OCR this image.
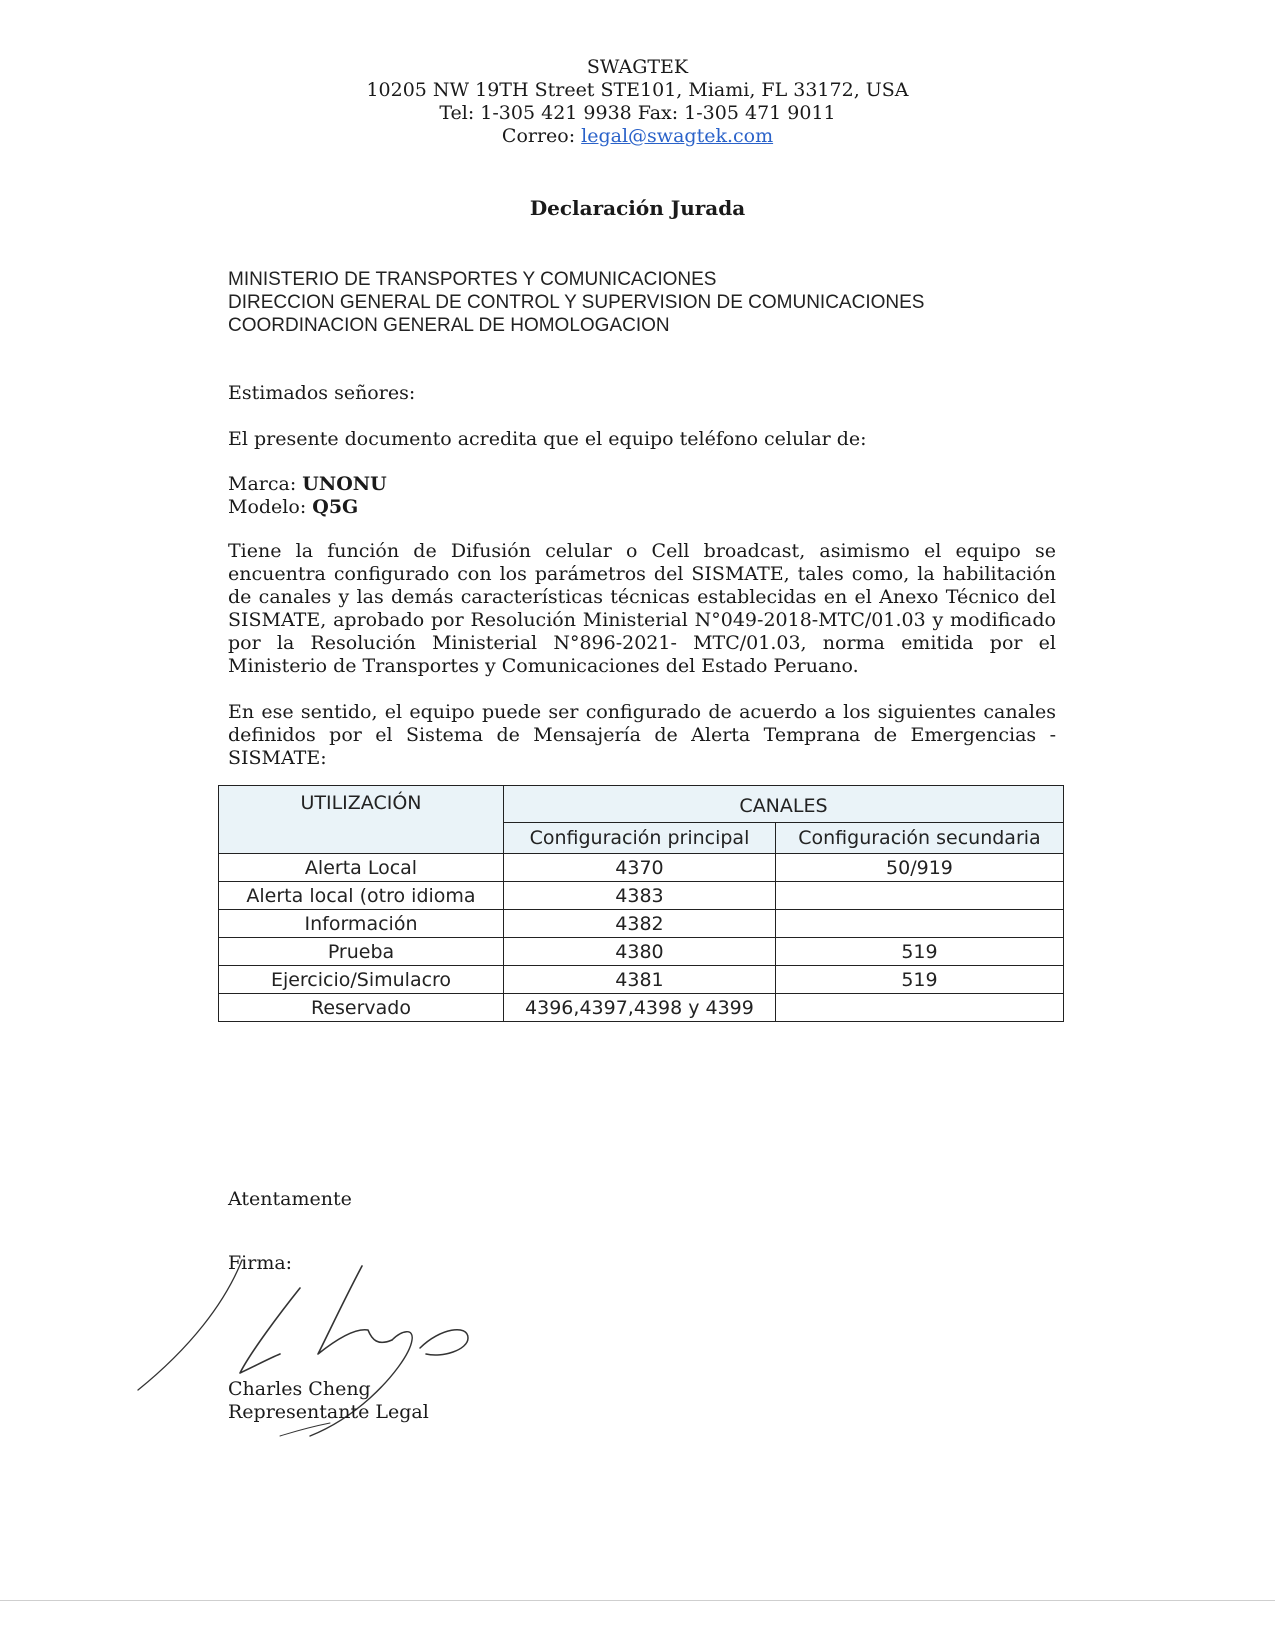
SWAGTEK
10205 NW 19TH Street STE101, Miami, FL 33172, USA
Tel: 1-305 421 9938 Fax: 1-305 471 9011
Correo: legal@swagtek.com
Declaración Jurada
MINISTERIO DE TRANSPORTES Y COMUNICACIONES
DIRECCION GENERAL DE CONTROL Y SUPERVISION DE COMUNICACIONES
COORDINACION GENERAL DE HOMOLOGACION
Estimados señores:
El presente documento acredita que el equipo teléfono celular de:
Marca: UNONU
Modelo: Q5G
Tiene la función de Difusión celular o Cell broadcast, asimismo el equipo se encuentra configurado con los parámetros del SISMATE, tales como, la habilitación de canales y las demás características técnicas establecidas en el Anexo Técnico del SISMATE, aprobado por Resolución Ministerial N°049-2018-MTC/01.03 y modificado por la Resolución Ministerial N°896-2021- MTC/01.03, norma emitida por el Ministerio de Transportes y Comunicaciones del Estado Peruano.
En ese sentido, el equipo puede ser configurado de acuerdo a los siguientes canales definidos por el Sistema de Mensajería de Alerta Temprana de Emergencias -SISMATE:
UTILIZACIÓN	CANALES	
	Configuración principal	Configuración secundaria
Alerta Local	4370	50/919
Alerta local (otro idioma	4383	
Información	4382	
Prueba	4380	519
Ejercicio/Simulacro	4381	519
Reservado	4396,4397,4398 y 4399	
Atentamente
Firma:
Charles Cheng
Representante Legal
